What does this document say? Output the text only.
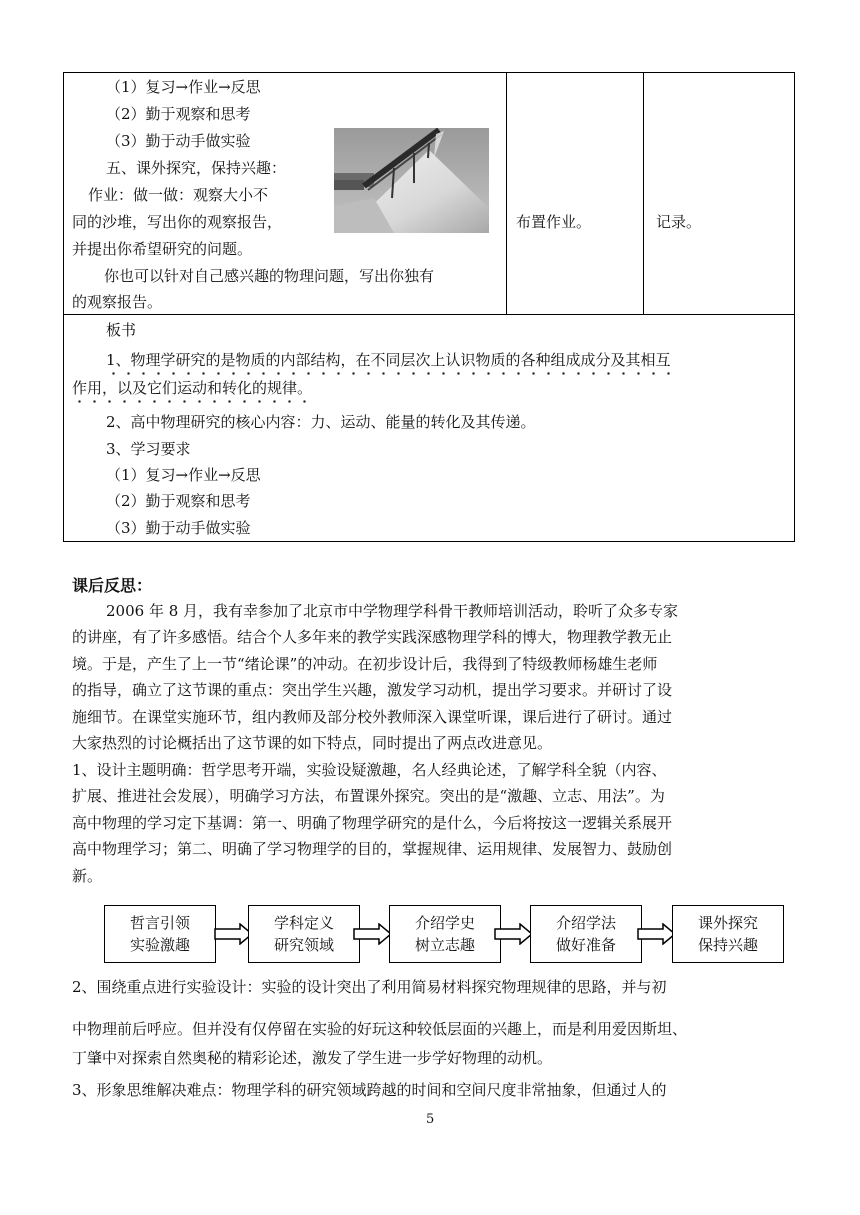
（1）复习→作业→反思
（2）勤于观察和思考
（3）勤于动手做实验
五、课外探究，保持兴趣：
作业：做一做：观察大小不
同的沙堆，写出你的观察报告，
并提出你希望研究的问题。
你也可以针对自己感兴趣的物理问题，写出你独有
的观察报告。
布置作业。	记录。
板书
1、物理学研究的是物质的内部结构，在不同层次上认识物质的各种组成成分及其相互
作用，以及它们运动和转化的规律。
2、高中物理研究的核心内容：力、运动、能量的转化及其传递。
3、学习要求
（1）复习→作业→反思
（2）勤于观察和思考
（3）勤于动手做实验
课后反思：
2006 年 8 月，我有幸参加了北京市中学物理学科骨干教师培训活动，聆听了众多专家
的讲座，有了许多感悟。结合个人多年来的教学实践深感物理学科的博大，物理教学教无止
境。于是，产生了上一节“绪论课”的冲动。在初步设计后，我得到了特级教师杨雄生老师
的指导，确立了这节课的重点：突出学生兴趣，激发学习动机，提出学习要求。并研讨了设
施细节。在课堂实施环节，组内教师及部分校外教师深入课堂听课，课后进行了研讨。通过
大家热烈的讨论概括出了这节课的如下特点，同时提出了两点改进意见。
1、设计主题明确：哲学思考开端，实验设疑激趣，名人经典论述，了解学科全貌（内容、
扩展、推进社会发展），明确学习方法，布置课外探究。突出的是“激趣、立志、用法”。为
高中物理的学习定下基调：第一、明确了物理学研究的是什么，今后将按这一逻辑关系展开
高中物理学习；第二、明确了学习物理学的目的，掌握规律、运用规律、发展智力、鼓励创
新。
哲言引领
实验激趣
学科定义
研究领域
介绍学史
树立志趣
介绍学法
做好准备
课外探究
保持兴趣
2、围绕重点进行实验设计：实验的设计突出了利用简易材料探究物理规律的思路，并与初
中物理前后呼应。但并没有仅停留在实验的好玩这种较低层面的兴趣上，而是利用爱因斯坦、
丁肇中对探索自然奥秘的精彩论述，激发了学生进一步学好物理的动机。
3、形象思维解决难点：物理学科的研究领域跨越的时间和空间尺度非常抽象，但通过人的
5
